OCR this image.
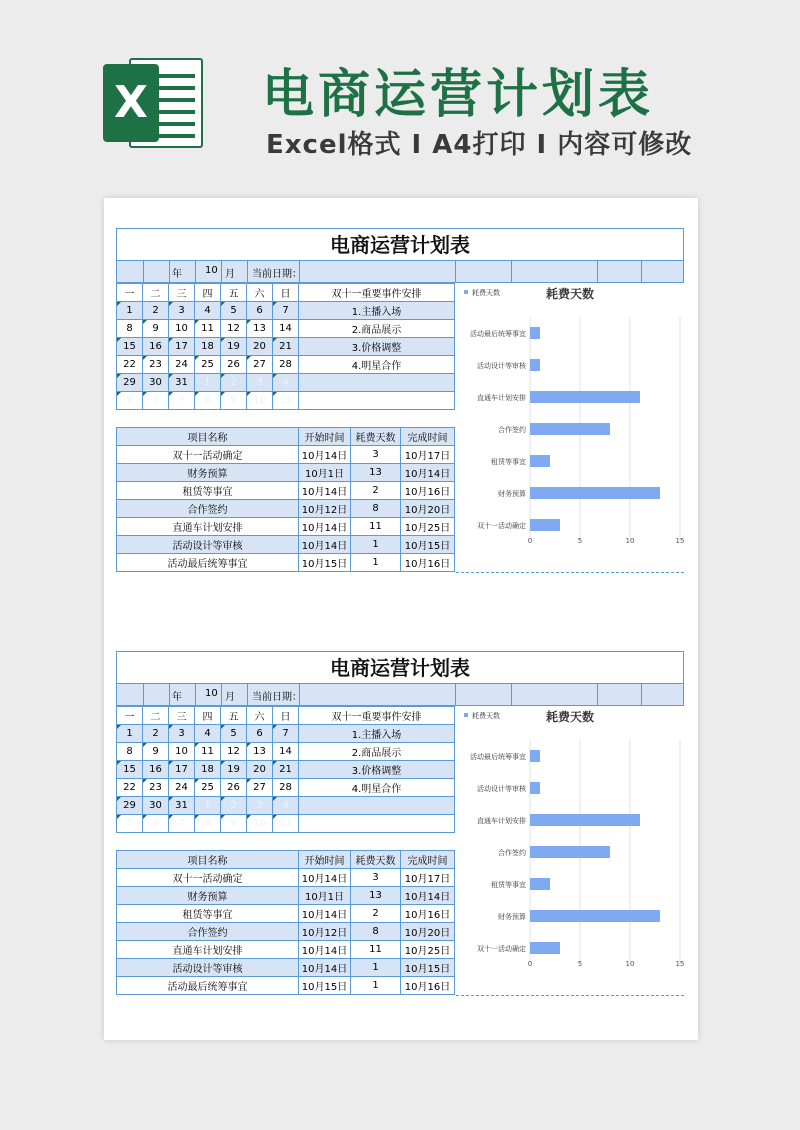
X 电商运营计划表
Excel格式 I A4打印 I 内容可修改
电商运营计划表
年 10 月 当前日期：
一	二	三	四	五	六	日
1	2	3	4	5	6	7
8	9	10	11	12	13	14
15	16	17	18	19	20	21
22	23	24	25	26	27	28
29	30	31	1	2	3	4
5	6	7	8	9	10	11
双十一重要事件安排
1.主播入场
2.商品展示
3.价格调整
4.明星合作

项目名称	开始时间	耗费天数	完成时间
双十一活动确定	10月14日	3	10月17日
财务预算	10月1日	13	10月14日
租赁等事宜	10月14日	2	10月16日
合作签约	10月12日	8	10月20日
直通车计划安排	10月14日	11	10月25日
活动设计等审核	10月14日	1	10月15日
活动最后统筹事宜	10月15日	1	10月16日
耗费天数	耗费天数
0	5	10	15
活动最后统筹事宜
活动设计等审核
直通车计划安排
合作签约
租赁等事宜
财务预算
双十一活动确定
电商运营计划表
年 10 月 当前日期：
一	二	三	四	五	六	日
1	2	3	4	5	6	7
8	9	10	11	12	13	14
15	16	17	18	19	20	21
22	23	24	25	26	27	28
29	30	31	1	2	3	4
5	6	7	8	9	10	11
双十一重要事件安排
1.主播入场
2.商品展示
3.价格调整
4.明星合作

项目名称	开始时间	耗费天数	完成时间
双十一活动确定	10月14日	3	10月17日
财务预算	10月1日	13	10月14日
租赁等事宜	10月14日	2	10月16日
合作签约	10月12日	8	10月20日
直通车计划安排	10月14日	11	10月25日
活动设计等审核	10月14日	1	10月15日
活动最后统筹事宜	10月15日	1	10月16日
耗费天数	耗费天数
0	5	10	15
活动最后统筹事宜
活动设计等审核
直通车计划安排
合作签约
租赁等事宜
财务预算
双十一活动确定
